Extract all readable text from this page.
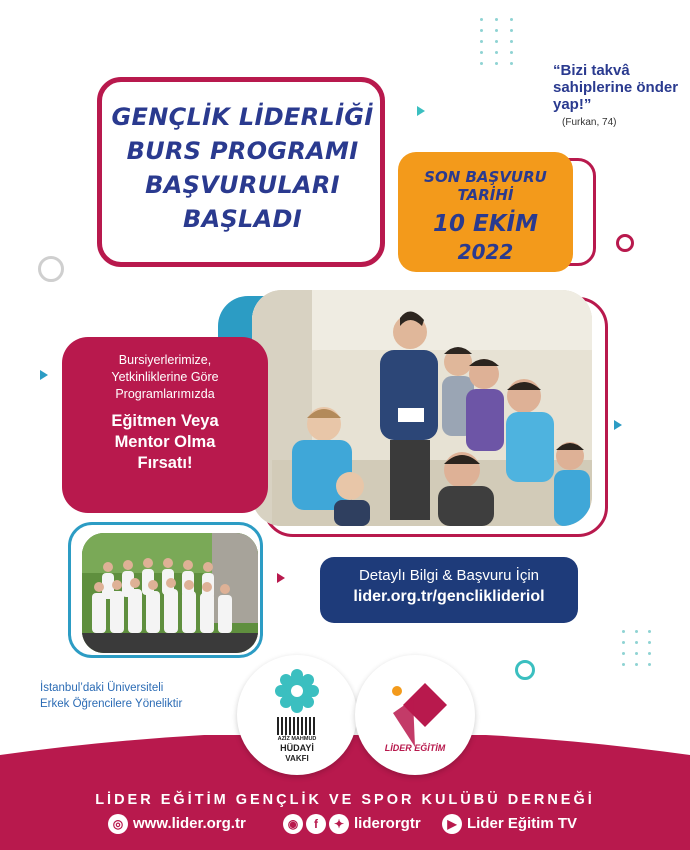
“Bizi takvâ sahiplerine önder yap!”
(Furkan, 74)
GENÇLİK LİDERLİĞİ
BURS PROGRAMI
BAŞVURULARI
BAŞLADI
SON BAŞVURU
TARİHİ
10 EKİM
2022
Bursiyerlerimize,
Yetkinliklerine Göre
Programlarımızda
Eğitmen Veya
Mentor Olma
Fırsatı!
Detaylı Bilgi & Başvuru İçin
lider.org.tr/gencliklideriol
İstanbul’daki Üniversiteli
Erkek Öğrencilere Yöneliktir
AZİZ MAHMUD
HÜDAYİ
VAKFI
LİDER EĞİTİM
LİDER EĞİTİM GENÇLİK VE SPOR KULÜBÜ DERNEĞİ
◎ www.lider.org.tr	◉	f	✦ liderorgtr	▶ Lider Eğitim TV
